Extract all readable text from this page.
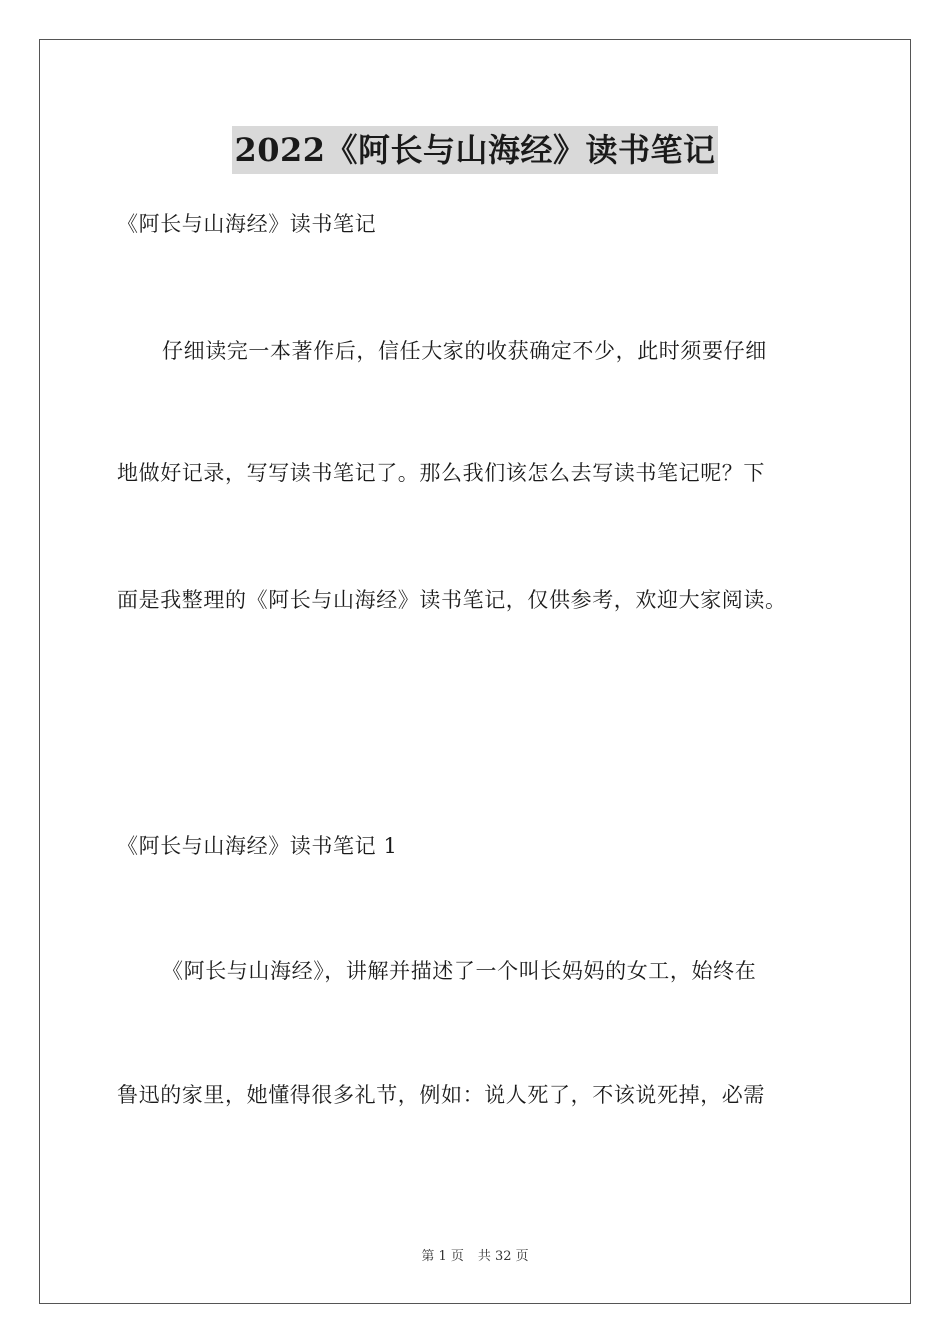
2022《阿长与山海经》读书笔记

《阿长与山海经》读书笔记

仔细读完一本著作后，信任大家的收获确定不少，此时须要仔细

地做好记录，写写读书笔记了。那么我们该怎么去写读书笔记呢？下

面是我整理的《阿长与山海经》读书笔记，仅供参考，欢迎大家阅读。

《阿长与山海经》读书笔记 1

《阿长与山海经》，讲解并描述了一个叫长妈妈的女工，始终在

鲁迅的家里，她懂得很多礼节，例如：说人死了，不该说死掉，必需

第 1 页 共 32 页
